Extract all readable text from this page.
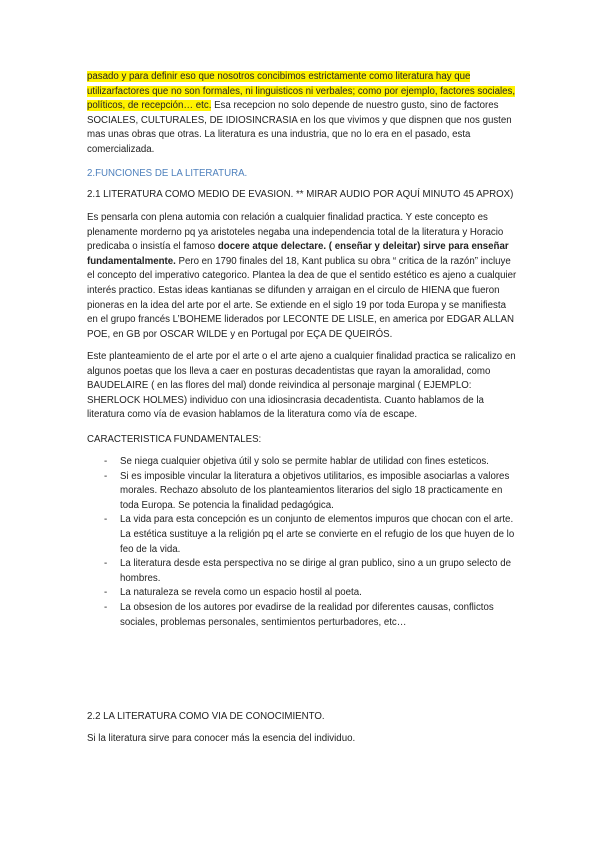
pasado y para definir eso que nosotros concibimos estrictamente como literatura hay que utilizarfactores que no son formales, ni linguisticos ni verbales; como por ejemplo, factores sociales, políticos, de recepción… etc. Esa recepcion no solo depende de nuestro gusto, sino de factores SOCIALES, CULTURALES, DE IDIOSINCRASIA en los que vivimos y que dispnen que nos gusten mas unas obras que otras. La literatura es una industria, que no lo era en el pasado, esta comercializada.
2.FUNCIONES DE LA LITERATURA.
2.1 LITERATURA COMO MEDIO DE EVASION. ** MIRAR AUDIO POR AQUÍ MINUTO 45 APROX)
Es pensarla con plena automia con relación a cualquier finalidad practica. Y este concepto es plenamente morderno pq ya aristoteles negaba una independencia total de la literatura y Horacio predicaba o insistía el famoso docere atque delectare. ( enseñar y deleitar) sirve para enseñar fundamentalmente. Pero en 1790 finales del 18, Kant publica su obra “ critica de la razón” incluye el concepto del imperativo categorico. Plantea la dea de que el sentido estético es ajeno a cualquier interés practico. Estas ideas kantianas se difunden y arraigan en el circulo de HIENA que fueron pioneras en la idea del arte por el arte. Se extiende en el siglo 19 por toda Europa y se manifiesta en el grupo francés L’BOHEME liderados por LECONTE DE LISLE, en america por EDGAR ALLAN POE, en GB por OSCAR WILDE y en Portugal por EÇA DE QUEIRÓS.
Este planteamiento de el arte por el arte o el arte ajeno a cualquier finalidad practica se ralicalizo en algunos poetas que los lleva a caer en posturas decadentistas que rayan la amoralidad, como BAUDELAIRE ( en las flores del mal) donde reivindica al personaje marginal ( EJEMPLO: SHERLOCK HOLMES) individuo con una idiosincrasia decadentista. Cuanto hablamos de la literatura como vía de evasion hablamos de la literatura como vía de escape.
CARACTERISTICA FUNDAMENTALES:
- Se niega cualquier objetiva útil y solo se permite hablar de utilidad con fines esteticos.
- Si es imposible vincular la literatura a objetivos utilitarios, es imposible asociarlas a valores morales. Rechazo absoluto de los planteamientos literarios del siglo 18 practicamente en toda Europa. Se potencia la finalidad pedagógica.
- La vida para esta concepción es un conjunto de elementos impuros que chocan con el arte. La estética sustituye a la religión pq el arte se convierte en el refugio de los que huyen de lo feo de la vida.
- La literatura desde esta perspectiva no se dirige al gran publico, sino a un grupo selecto de hombres.
- La naturaleza se revela como un espacio hostil al poeta.
- La obsesion de los autores por evadirse de la realidad por diferentes causas, conflictos sociales, problemas personales, sentimientos perturbadores, etc…
2.2 LA LITERATURA COMO VIA DE CONOCIMIENTO.
Si la literatura sirve para conocer más la esencia del individuo.
